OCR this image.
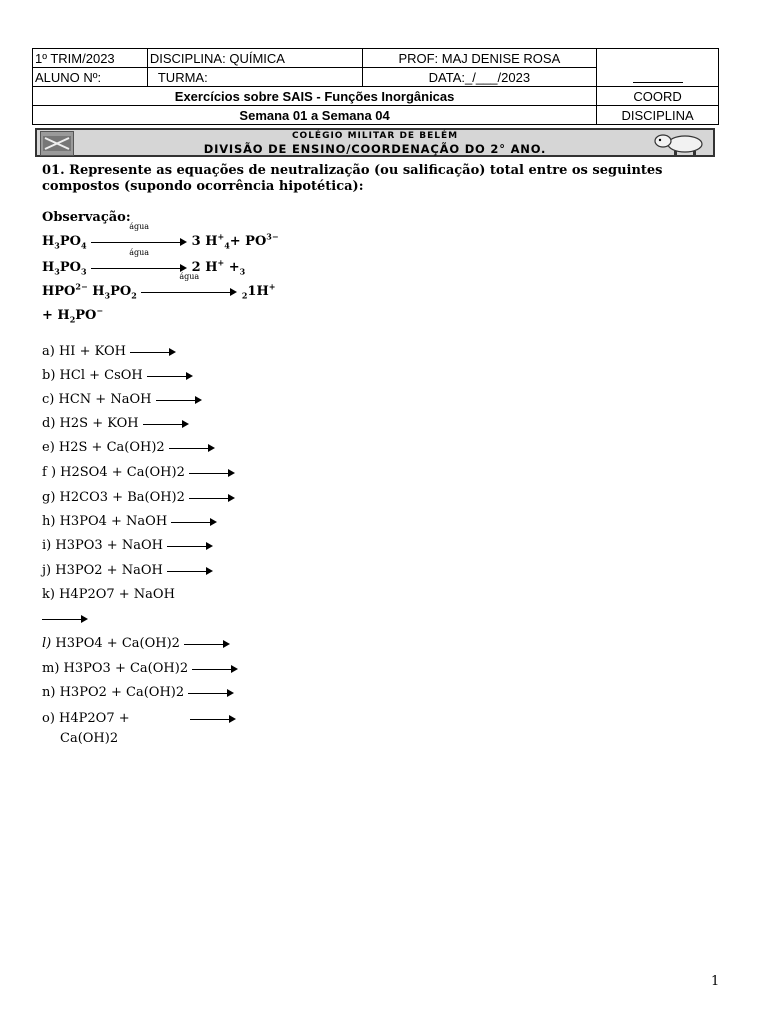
1º TRIM/2023	DISCIPLINA: QUÍMICA	PROF: MAJ DENISE ROSA	
ALUNO Nº:	TURMA:	DATA:_/___/2023	
Exercícios sobre SAIS - Funções Inorgânicas			COORD
Semana 01 a Semana 04			DISCIPLINA
COLÉGIO MILITAR DE BELÉM
DIVISÃO DE ENSINO/COORDENAÇÃO DO 2° ANO.
01. Represente as equações de neutralização (ou salificação) total entre os seguintes compostos (supondo ocorrência hipotética):
Observação:
$H_3PO_4$
água
3 $H^+_4+ PO^{3-}$
$H_3PO_3$
água
2 $H^+ +_3$
$HPO^{2-}$ $H_3PO_2$
água
$_2$1H+
+ $H_2PO^-$
a) HI + KOH
b) HCl + CsOH
c) HCN + NaOH
d) H2S + KOH
e) H2S + Ca(OH)2
f ) H2SO4 + Ca(OH)2
g) H2CO3 + Ba(OH)2
h) H3PO4 + NaOH
i) H3PO3 + NaOH
j) H3PO2 + NaOH
k) H4P2O7 + NaOH
l) H3PO4 + Ca(OH)2
m) H3PO3 + Ca(OH)2
n) H3PO2 + Ca(OH)2
o) H4P2O7 +
Ca(OH)2
1
